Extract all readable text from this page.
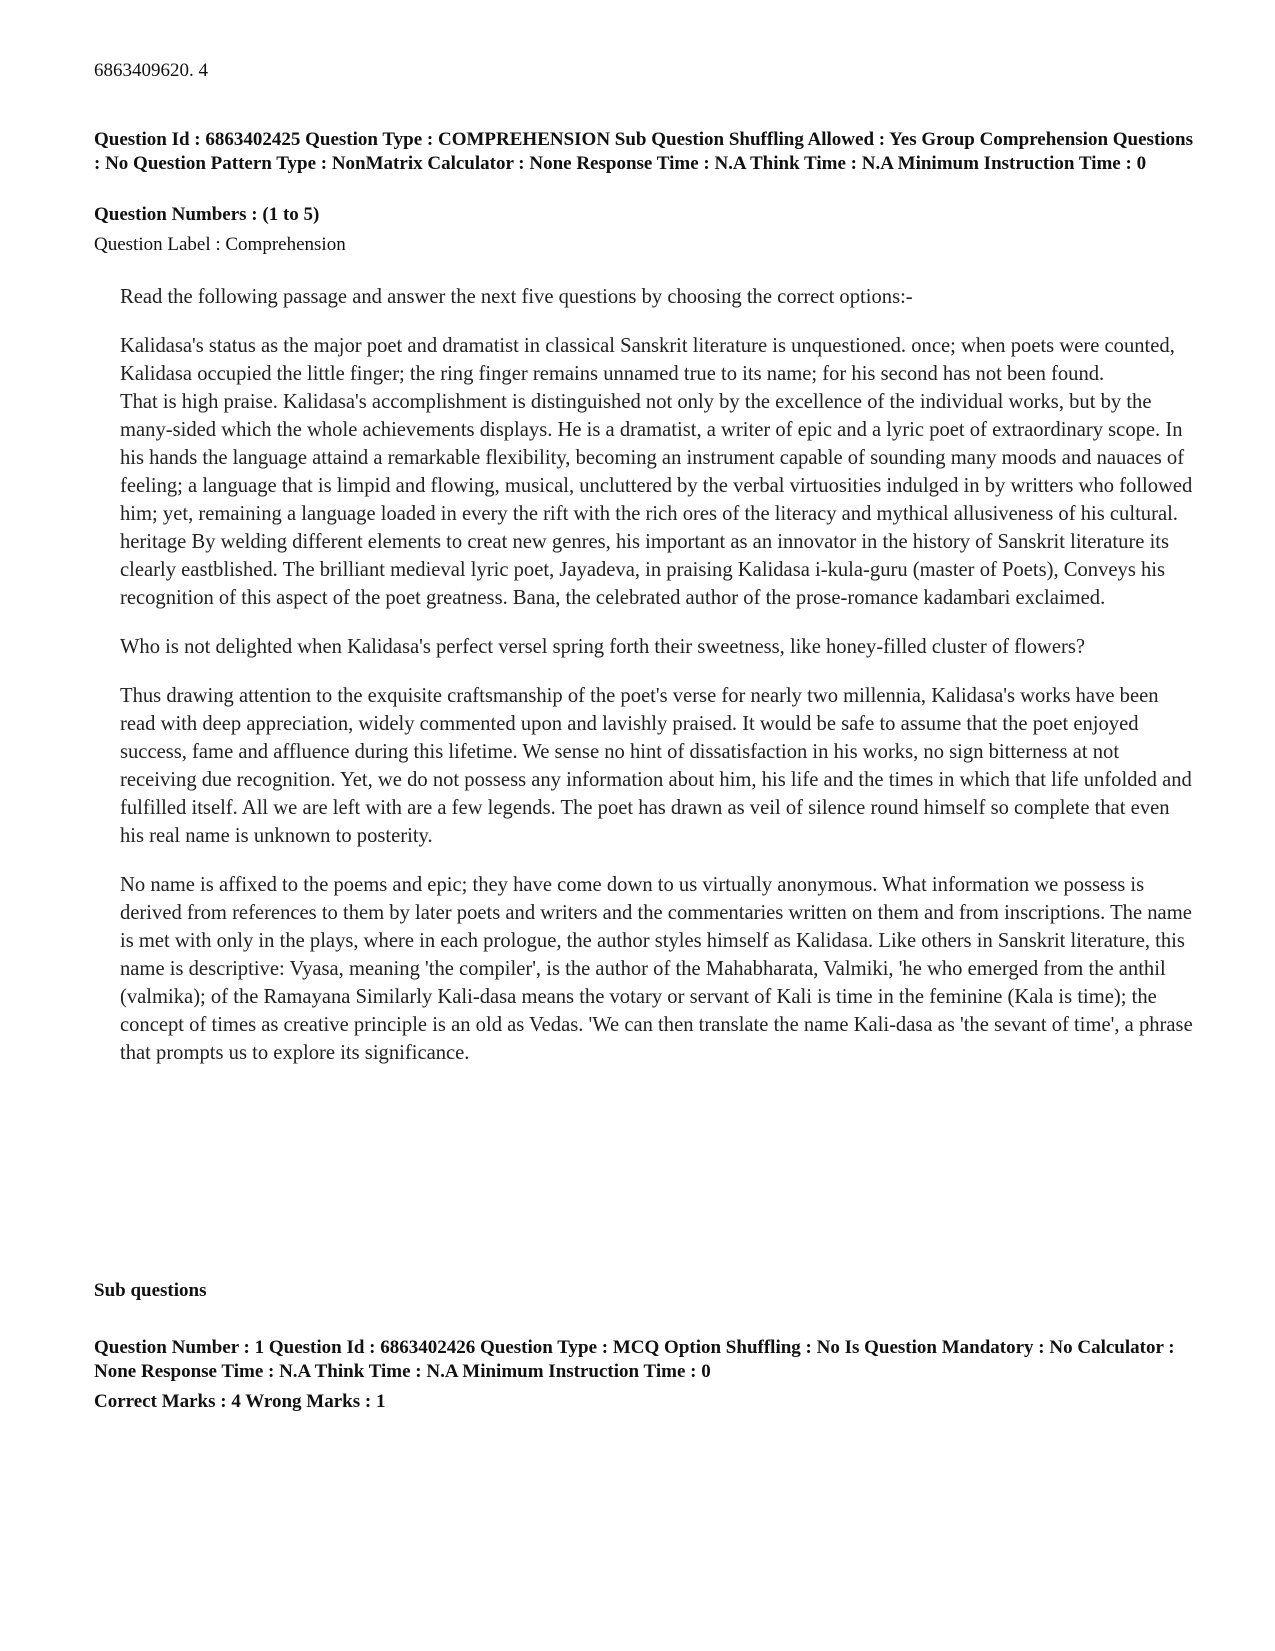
6863409620. 4
Question Id : 6863402425 Question Type : COMPREHENSION Sub Question Shuffling Allowed : Yes Group Comprehension Questions : No Question Pattern Type : NonMatrix Calculator : None Response Time : N.A Think Time : N.A Minimum Instruction Time : 0
Question Numbers : (1 to 5)
Question Label : Comprehension

Read the following passage and answer the next five questions by choosing the correct options:-

Kalidasa's status as the major poet and dramatist in classical Sanskrit literature is unquestioned. once; when poets were counted, Kalidasa occupied the little finger; the ring finger remains unnamed true to its name; for his second has not been found.

That is high praise. Kalidasa's accomplishment is distinguished not only by the excellence of the individual works, but by the many-sided which the whole achievements displays. He is a dramatist, a writer of epic and a lyric poet of extraordinary scope. In his hands the language attaind a remarkable flexibility, becoming an instrument capable of sounding many moods and nauaces of feeling; a language that is limpid and flowing, musical, uncluttered by the verbal virtuosities indulged in by writters who followed him; yet, remaining a language loaded in every the rift with the rich ores of the literacy and mythical allusiveness of his cultural. heritage By welding different elements to creat new genres, his important as an innovator in the history of Sanskrit literature its clearly eastblished. The brilliant medieval lyric poet, Jayadeva, in praising Kalidasa i-kula-guru (master of Poets), Conveys his recognition of this aspect of the poet greatness. Bana, the celebrated author of the prose-romance kadambari exclaimed.

Who is not delighted when Kalidasa's perfect versel spring forth their sweetness, like honey-filled cluster of flowers?

Thus drawing attention to the exquisite craftsmanship of the poet's verse for nearly two millennia, Kalidasa's works have been read with deep appreciation, widely commented upon and lavishly praised. It would be safe to assume that the poet enjoyed success, fame and affluence during this lifetime. We sense no hint of dissatisfaction in his works, no sign bitterness at not receiving due recognition. Yet, we do not possess any information about him, his life and the times in which that life unfolded and fulfilled itself. All we are left with are a few legends. The poet has drawn as veil of silence round himself so complete that even his real name is unknown to posterity.

No name is affixed to the poems and epic; they have come down to us virtually anonymous. What information we possess is derived from references to them by later poets and writers and the commentaries written on them and from inscriptions. The name is met with only in the plays, where in each prologue, the author styles himself as Kalidasa. Like others in Sanskrit literature, this name is descriptive: Vyasa, meaning 'the compiler', is the author of the Mahabharata, Valmiki, 'he who emerged from the anthil (valmika); of the Ramayana Similarly Kali-dasa means the votary or servant of Kali is time in the feminine (Kala is time); the concept of times as creative principle is an old as Vedas. 'We can then translate the name Kali-dasa as 'the sevant of time', a phrase that prompts us to explore its significance.

Sub questions
Question Number : 1 Question Id : 6863402426 Question Type : MCQ Option Shuffling : No Is Question Mandatory : No Calculator : None Response Time : N.A Think Time : N.A Minimum Instruction Time : 0
Correct Marks : 4 Wrong Marks : 1
